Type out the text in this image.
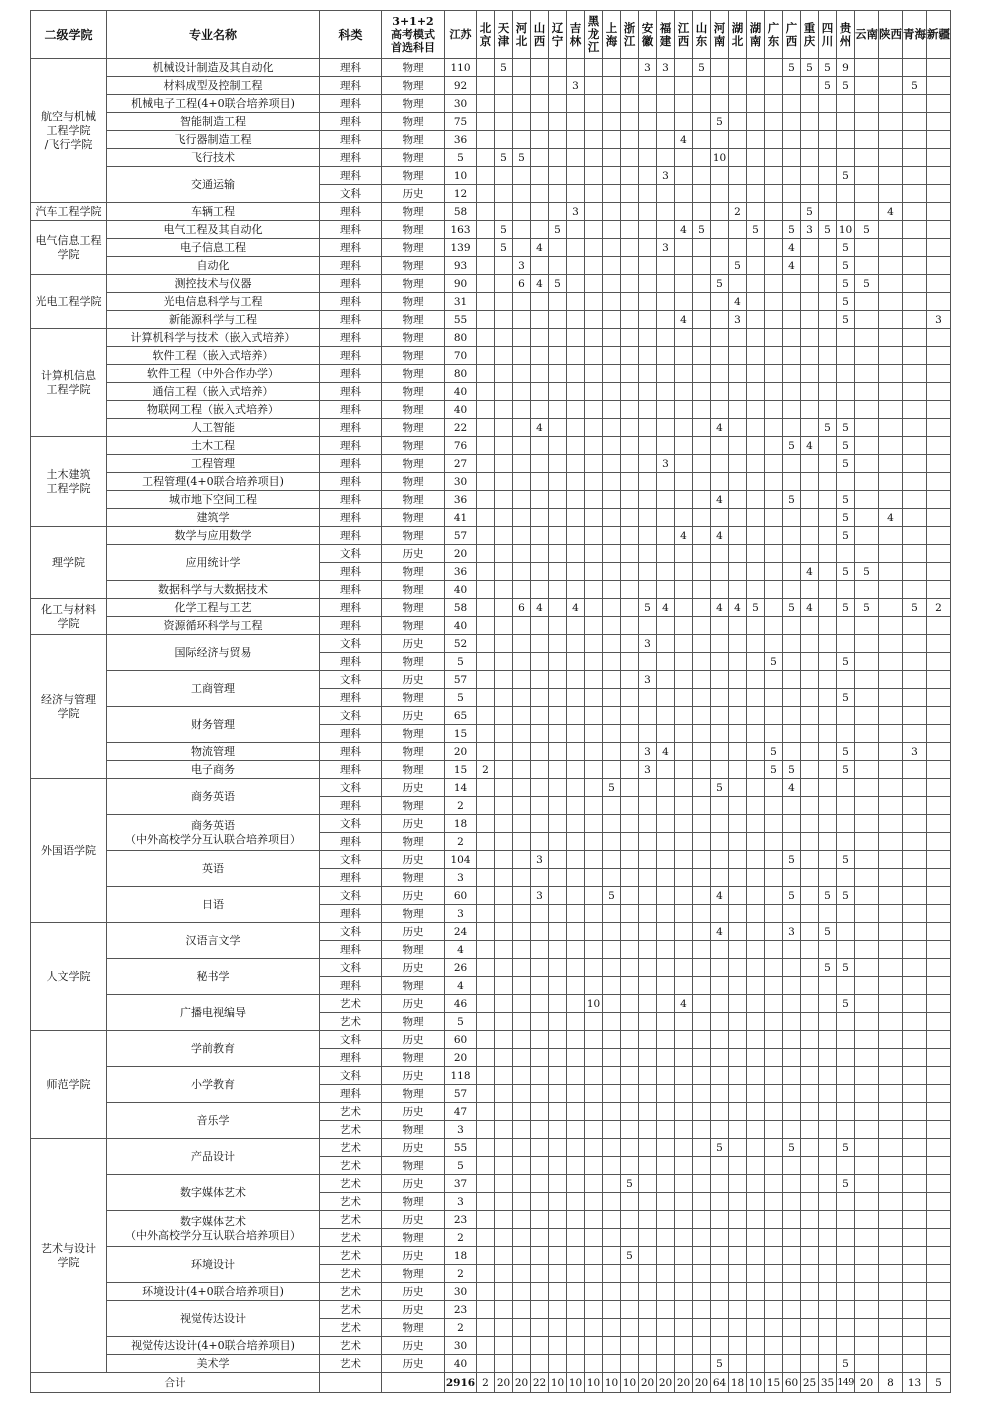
二级学院	专业名称	科类	3+1+2
高考模式
首选科目	江苏	北京	天津	河北	山西	辽宁	吉林	黑龙江	上海	浙江	安徽	福建	江西	山东	河南	湖北	湖南	广东	广西	重庆	四川	贵州	云南	陕西	青海	新疆
航空与机械
工程学院
/飞行学院	机械设计制造及其自动化	理科	物理	110		5								3	3		5					5	5	5	9				
	材料成型及控制工程	理科	物理	92						3														5	5			5	
	机械电子工程(4+0联合培养项目)	理科	物理	30																									
	智能制造工程	理科	物理	75														5											
	飞行器制造工程	理科	物理	36												4													
	飞行技术	理科	物理	5		5	5											10											
	交通运输	理科	物理	10											3										5				
		文科	历史	12																									
汽车工程学院	车辆工程	理科	物理	58						3									2				5				4		
电气信息工程
学院	电气工程及其自动化	理科	物理	163		5			5							4	5			5		5	3	5	10	5			
	电子信息工程	理科	物理	139		5		4							3							4			5				
	自动化	理科	物理	93			3												5			4			5				
光电工程学院	测控技术与仪器	理科	物理	90			6	4	5									5							5	5			
	光电信息科学与工程	理科	物理	31															4						5				
	新能源科学与工程	理科	物理	55												4			3						5				3
计算机信息
工程学院	计算机科学与技术（嵌入式培养）	理科	物理	80																									
	软件工程（嵌入式培养）	理科	物理	70																									
	软件工程（中外合作办学）	理科	物理	80																									
	通信工程（嵌入式培养）	理科	物理	40																									
	物联网工程（嵌入式培养）	理科	物理	40																									
	人工智能	理科	物理	22				4										4						5	5				
土木建筑
工程学院	土木工程	理科	物理	76																		5	4		5				
	工程管理	理科	物理	27											3										5				
	工程管理(4+0联合培养项目)	理科	物理	30																									
	城市地下空间工程	理科	物理	36														4				5			5				
	建筑学	理科	物理	41																					5		4		
理学院	数学与应用数学	理科	物理	57												4		4							5				
	应用统计学	文科	历史	20																									
		理科	物理	36																			4		5	5			
	数据科学与大数据技术	理科	物理	40																									
化工与材料
学院	化学工程与工艺	理科	物理	58			6	4		4				5	4			4	4	5		5	4		5	5		5	2
	资源循环科学与工程	理科	物理	40																									
经济与管理
学院	国际经济与贸易	文科	历史	52										3															
		理科	物理	5																	5				5				
	工商管理	文科	历史	57										3															
		理科	物理	5																					5				
	财务管理	文科	历史	65																									
		理科	物理	15																									
	物流管理	理科	物理	20										3	4						5				5			3	
	电子商务	理科	物理	15	2									3							5	5			5				
外国语学院	商务英语	文科	历史	14								5						5				4							
		理科	物理	2																									
	商务英语
（中外高校学分互认联合培养项目）	文科	历史	18																									
		理科	物理	2																									
	英语	文科	历史	104				3														5			5				
		理科	物理	3																									
	日语	文科	历史	60				3				5						4				5		5	5				
		理科	物理	3																									
人文学院	汉语言文学	文科	历史	24														4				3		5					
		理科	物理	4																									
	秘书学	文科	历史	26																				5	5				
		理科	物理	4																									
	广播电视编导	艺术	历史	46							10					4									5				
		艺术	物理	5																									
师范学院	学前教育	文科	历史	60																									
		理科	物理	20																									
	小学教育	文科	历史	118																									
		理科	物理	57																									
	音乐学	艺术	历史	47																									
		艺术	物理	3																									
艺术与设计
学院	产品设计	艺术	历史	55														5				5			5				
		艺术	物理	5																									
	数字媒体艺术	艺术	历史	37									5												5				
		艺术	物理	3																									
	数字媒体艺术
（中外高校学分互认联合培养项目）	艺术	历史	23																									
		艺术	物理	2																									
	环境设计	艺术	历史	18									5																
		艺术	物理	2																									
	环境设计(4+0联合培养项目)	艺术	历史	30																									
	视觉传达设计	艺术	历史	23																									
		艺术	物理	2																									
	视觉传达设计(4+0联合培养项目)	艺术	历史	30																									
	美术学	艺术	历史	40														5							5				
合计				2916	2	20	20	22	10	10	10	10	10	20	20	20	20	64	18	10	15	60	25	35	149	20	8	13	5
